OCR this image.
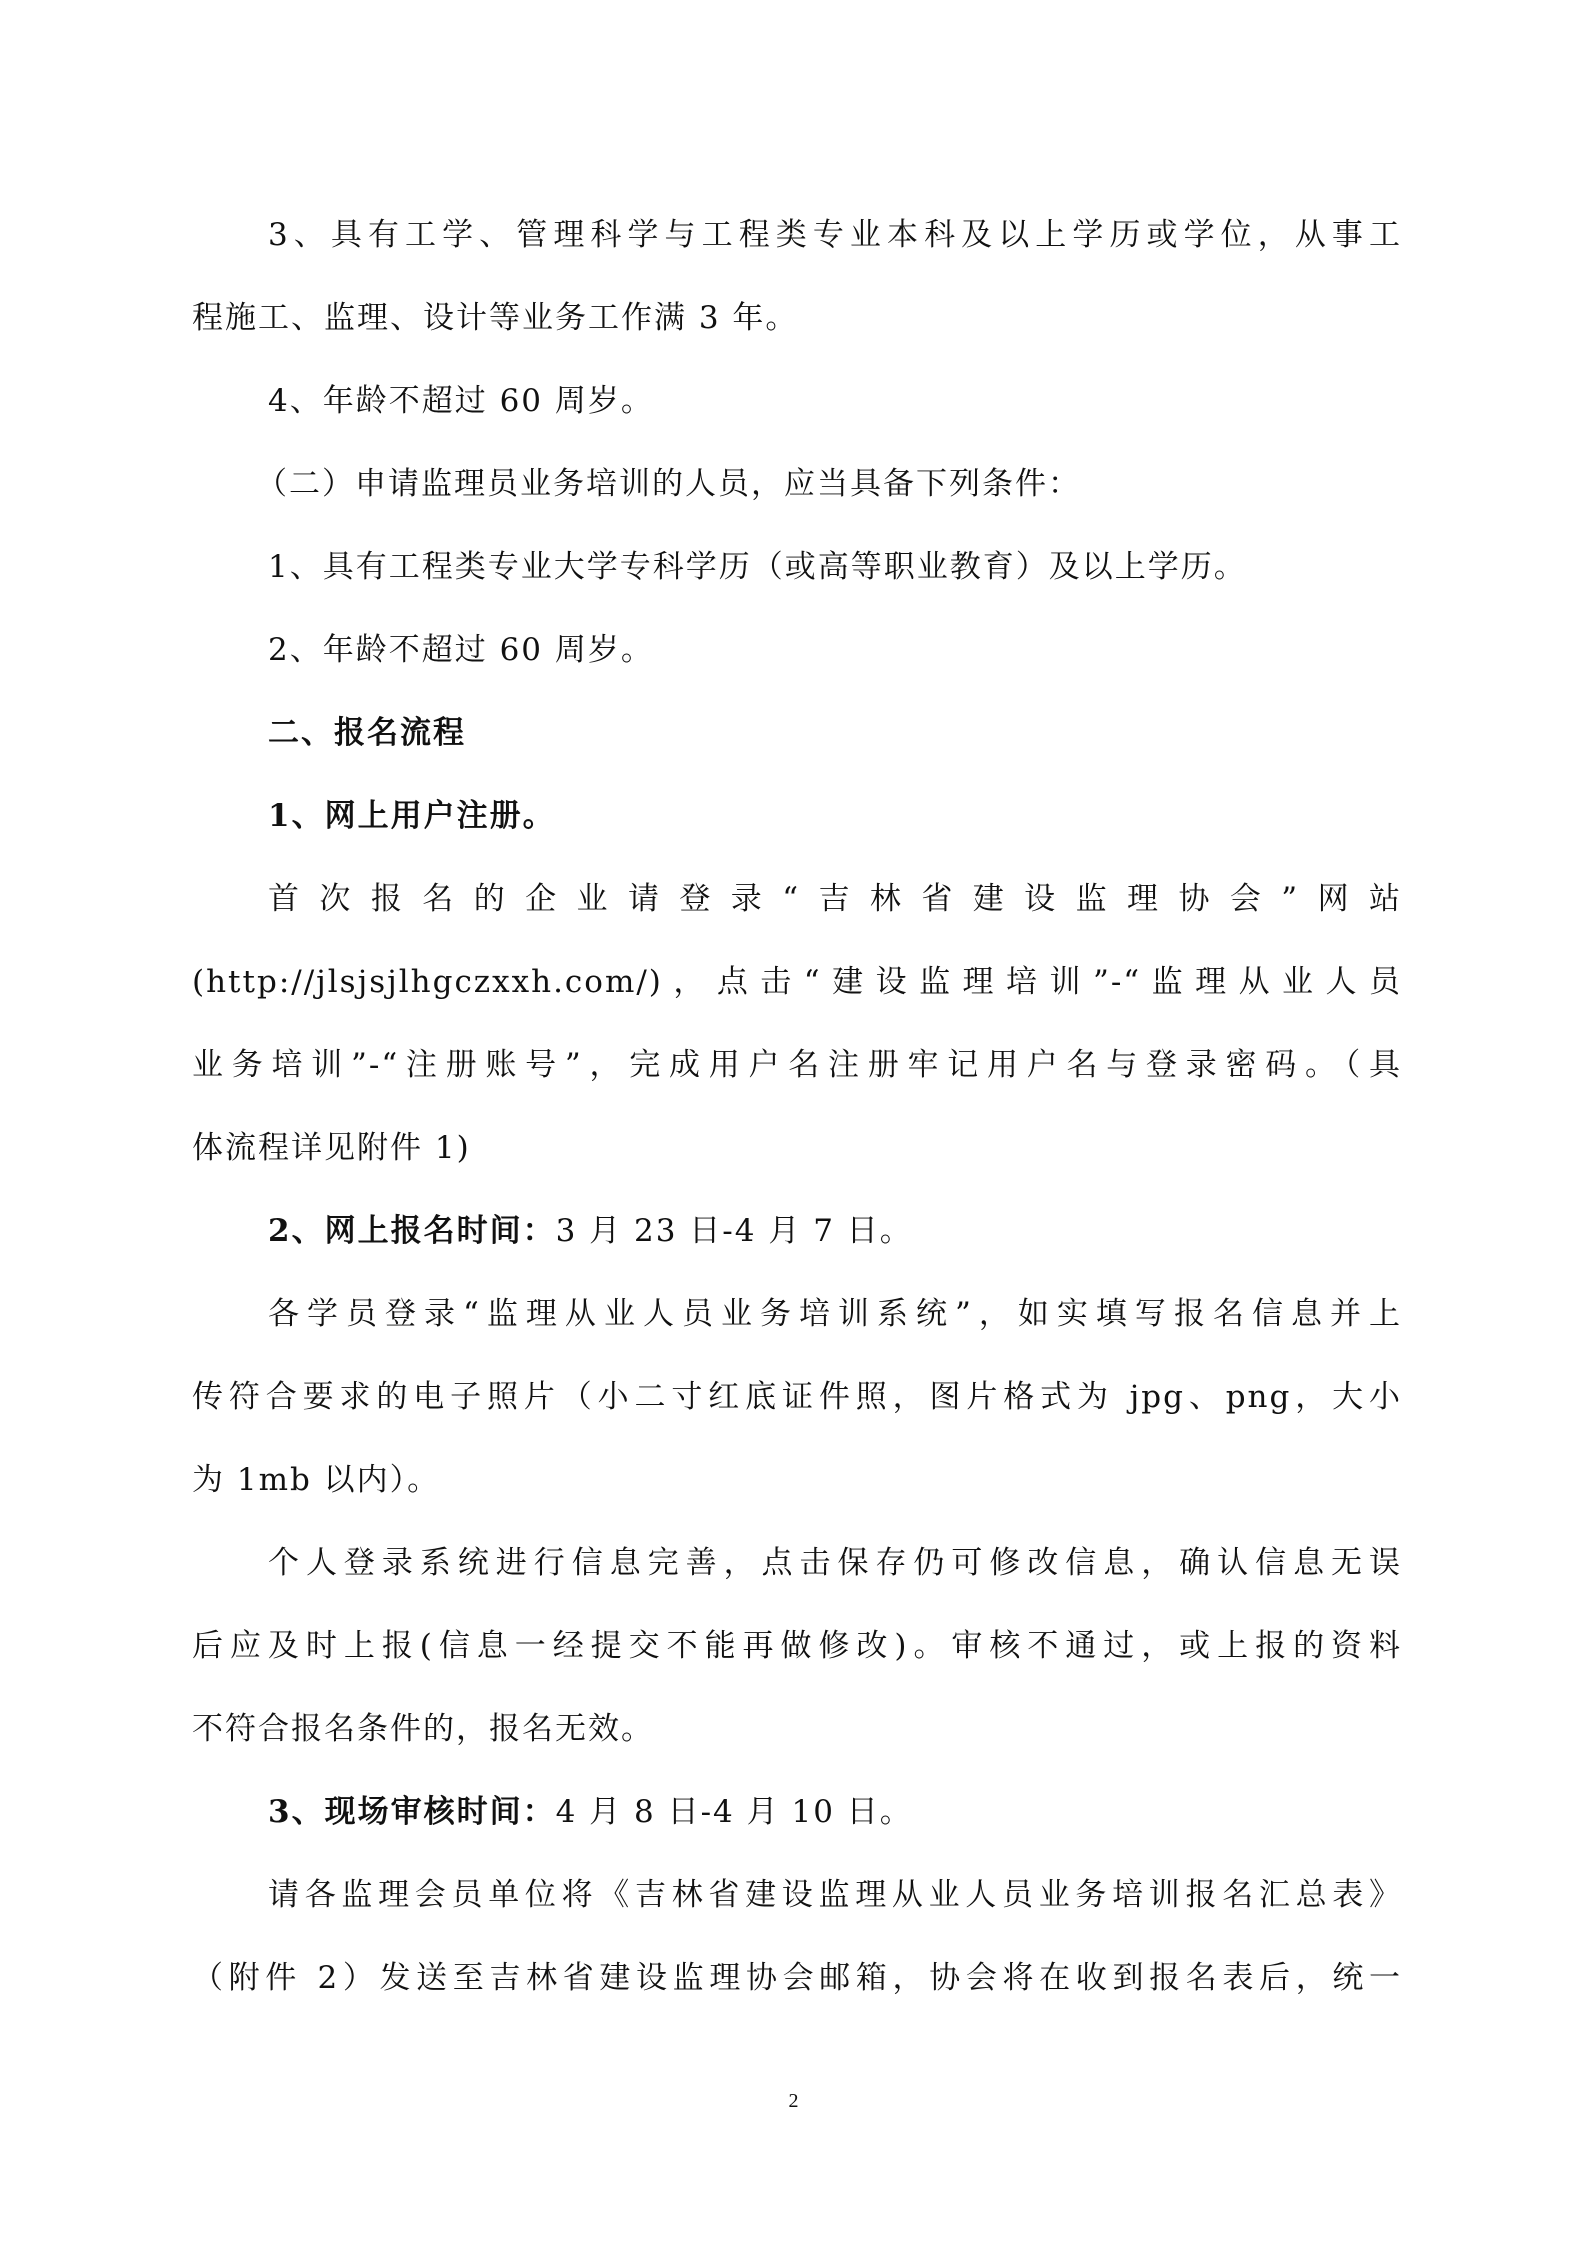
3、具有工学、管理科学与工程类专业本科及以上学历或学位，从事工
程施工、监理、设计等业务工作满 3 年。
4、年龄不超过 60 周岁。
（二）申请监理员业务培训的人员，应当具备下列条件：
1、具有工程类专业大学专科学历（或高等职业教育）及以上学历。
2、年龄不超过 60 周岁。
二、报名流程
1、网上用户注册。
首次报名的企业请登录“吉林省建设监理协会”网站
(http://jlsjsjlhgczxxh.com/)，点击“建设监理培训”-“监理从业人员
业务培训”-“注册账号”，完成用户名注册牢记用户名与登录密码。（具
体流程详见附件 1)
2、网上报名时间：3 月 23 日-4 月 7 日。
各学员登录“监理从业人员业务培训系统”，如实填写报名信息并上
传符合要求的电子照片（小二寸红底证件照，图片格式为 jpg、png，大小
为 1mb 以内）。
个人登录系统进行信息完善，点击保存仍可修改信息，确认信息无误
后应及时上报(信息一经提交不能再做修改)。审核不通过，或上报的资料
不符合报名条件的，报名无效。
3、现场审核时间：4 月 8 日-4 月 10 日。
请各监理会员单位将《吉林省建设监理从业人员业务培训报名汇总表》
（附件 2）发送至吉林省建设监理协会邮箱，协会将在收到报名表后，统一
2
